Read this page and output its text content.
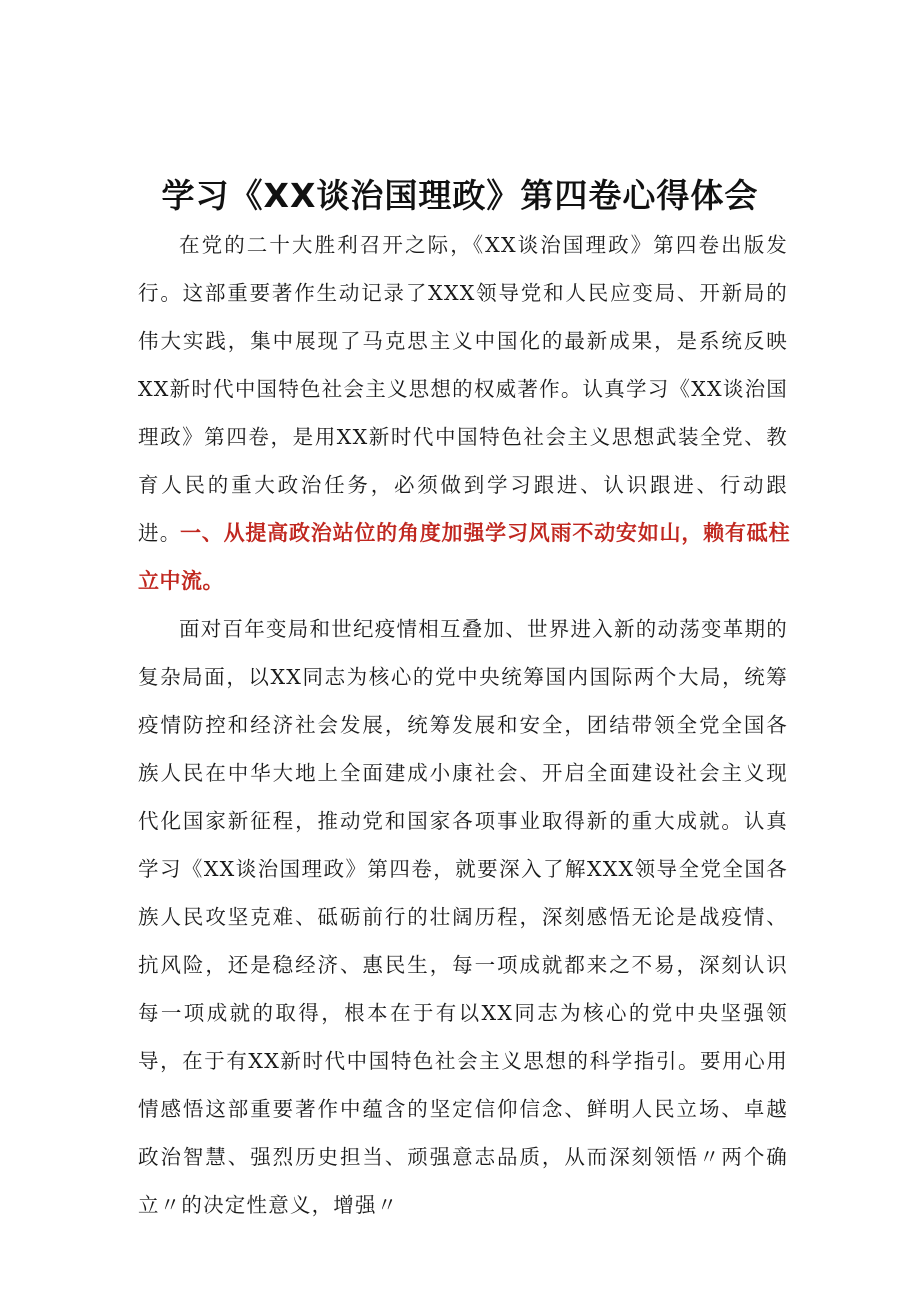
学习《XX谈治国理政》第四卷心得体会

在党的二十大胜利召开之际，《XX谈治国理政》第四卷出版发行。这部重要著作生动记录了XXX领导党和人民应变局、开新局的伟大实践，集中展现了马克思主义中国化的最新成果，是系统反映XX新时代中国特色社会主义思想的权威著作。认真学习《XX谈治国理政》第四卷，是用XX新时代中国特色社会主义思想武装全党、教育人民的重大政治任务，必须做到学习跟进、认识跟进、行动跟进。

一、从提高政治站位的角度加强学习风雨不动安如山，赖有砥柱立中流。

面对百年变局和世纪疫情相互叠加、世界进入新的动荡变革期的复杂局面，以XX同志为核心的党中央统筹国内国际两个大局，统筹疫情防控和经济社会发展，统筹发展和安全，团结带领全党全国各族人民在中华大地上全面建成小康社会、开启全面建设社会主义现代化国家新征程，推动党和国家各项事业取得新的重大成就。认真学习《XX谈治国理政》第四卷，就要深入了解XXX领导全党全国各族人民攻坚克难、砥砺前行的壮阔历程，深刻感悟无论是战疫情、抗风险，还是稳经济、惠民生，每一项成就都来之不易，深刻认识每一项成就的取得，根本在于有以XX同志为核心的党中央坚强领导，在于有XX新时代中国特色社会主义思想的科学指引。要用心用情感悟这部重要著作中蕴含的坚定信仰信念、鲜明人民立场、卓越政治智慧、强烈历史担当、顽强意志品质，从而深刻领悟〃两个确立〃的决定性意义，增强〃
